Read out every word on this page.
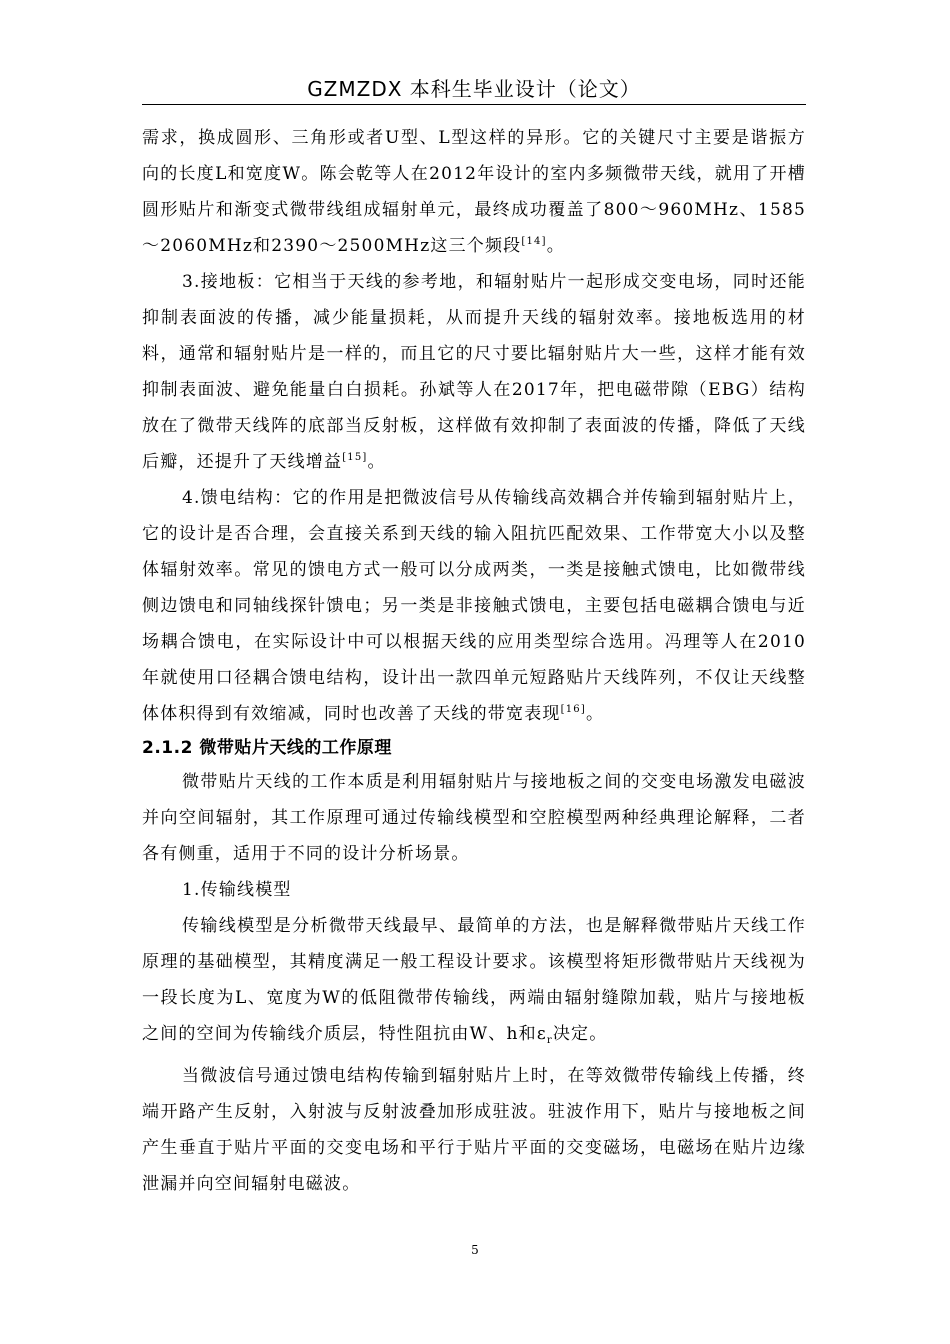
GZMZDX 本科生毕业设计（论文）

需求，换成圆形、三角形或者U型、L型这样的异形。它的关键尺寸主要是谐振方向的长度L和宽度W。陈会乾等人在2012年设计的室内多频微带天线，就用了开槽圆形贴片和渐变式微带线组成辐射单元，最终成功覆盖了800～960MHz、1585～2060MHz和2390～2500MHz这三个频段[14]。

3.接地板：它相当于天线的参考地，和辐射贴片一起形成交变电场，同时还能抑制表面波的传播，减少能量损耗，从而提升天线的辐射效率。接地板选用的材料，通常和辐射贴片是一样的，而且它的尺寸要比辐射贴片大一些，这样才能有效抑制表面波、避免能量白白损耗。孙斌等人在2017年，把电磁带隙（EBG）结构放在了微带天线阵的底部当反射板，这样做有效抑制了表面波的传播，降低了天线后瓣，还提升了天线增益[15]。

4.馈电结构：它的作用是把微波信号从传输线高效耦合并传输到辐射贴片上，它的设计是否合理，会直接关系到天线的输入阻抗匹配效果、工作带宽大小以及整体辐射效率。常见的馈电方式一般可以分成两类，一类是接触式馈电，比如微带线侧边馈电和同轴线探针馈电；另一类是非接触式馈电，主要包括电磁耦合馈电与近场耦合馈电，在实际设计中可以根据天线的应用类型综合选用。冯理等人在2010年就使用口径耦合馈电结构，设计出一款四单元短路贴片天线阵列，不仅让天线整体体积得到有效缩减，同时也改善了天线的带宽表现[16]。

2.1.2 微带贴片天线的工作原理

微带贴片天线的工作本质是利用辐射贴片与接地板之间的交变电场激发电磁波并向空间辐射，其工作原理可通过传输线模型和空腔模型两种经典理论解释，二者各有侧重，适用于不同的设计分析场景。

1.传输线模型

传输线模型是分析微带天线最早、最简单的方法，也是解释微带贴片天线工作原理的基础模型，其精度满足一般工程设计要求。该模型将矩形微带贴片天线视为一段长度为L、宽度为W的低阻微带传输线，两端由辐射缝隙加载，贴片与接地板之间的空间为传输线介质层，特性阻抗由W、h和$\varepsilon_r$决定。

当微波信号通过馈电结构传输到辐射贴片上时，在等效微带传输线上传播，终端开路产生反射，入射波与反射波叠加形成驻波。驻波作用下，贴片与接地板之间产生垂直于贴片平面的交变电场和平行于贴片平面的交变磁场，电磁场在贴片边缘泄漏并向空间辐射电磁波。

5
